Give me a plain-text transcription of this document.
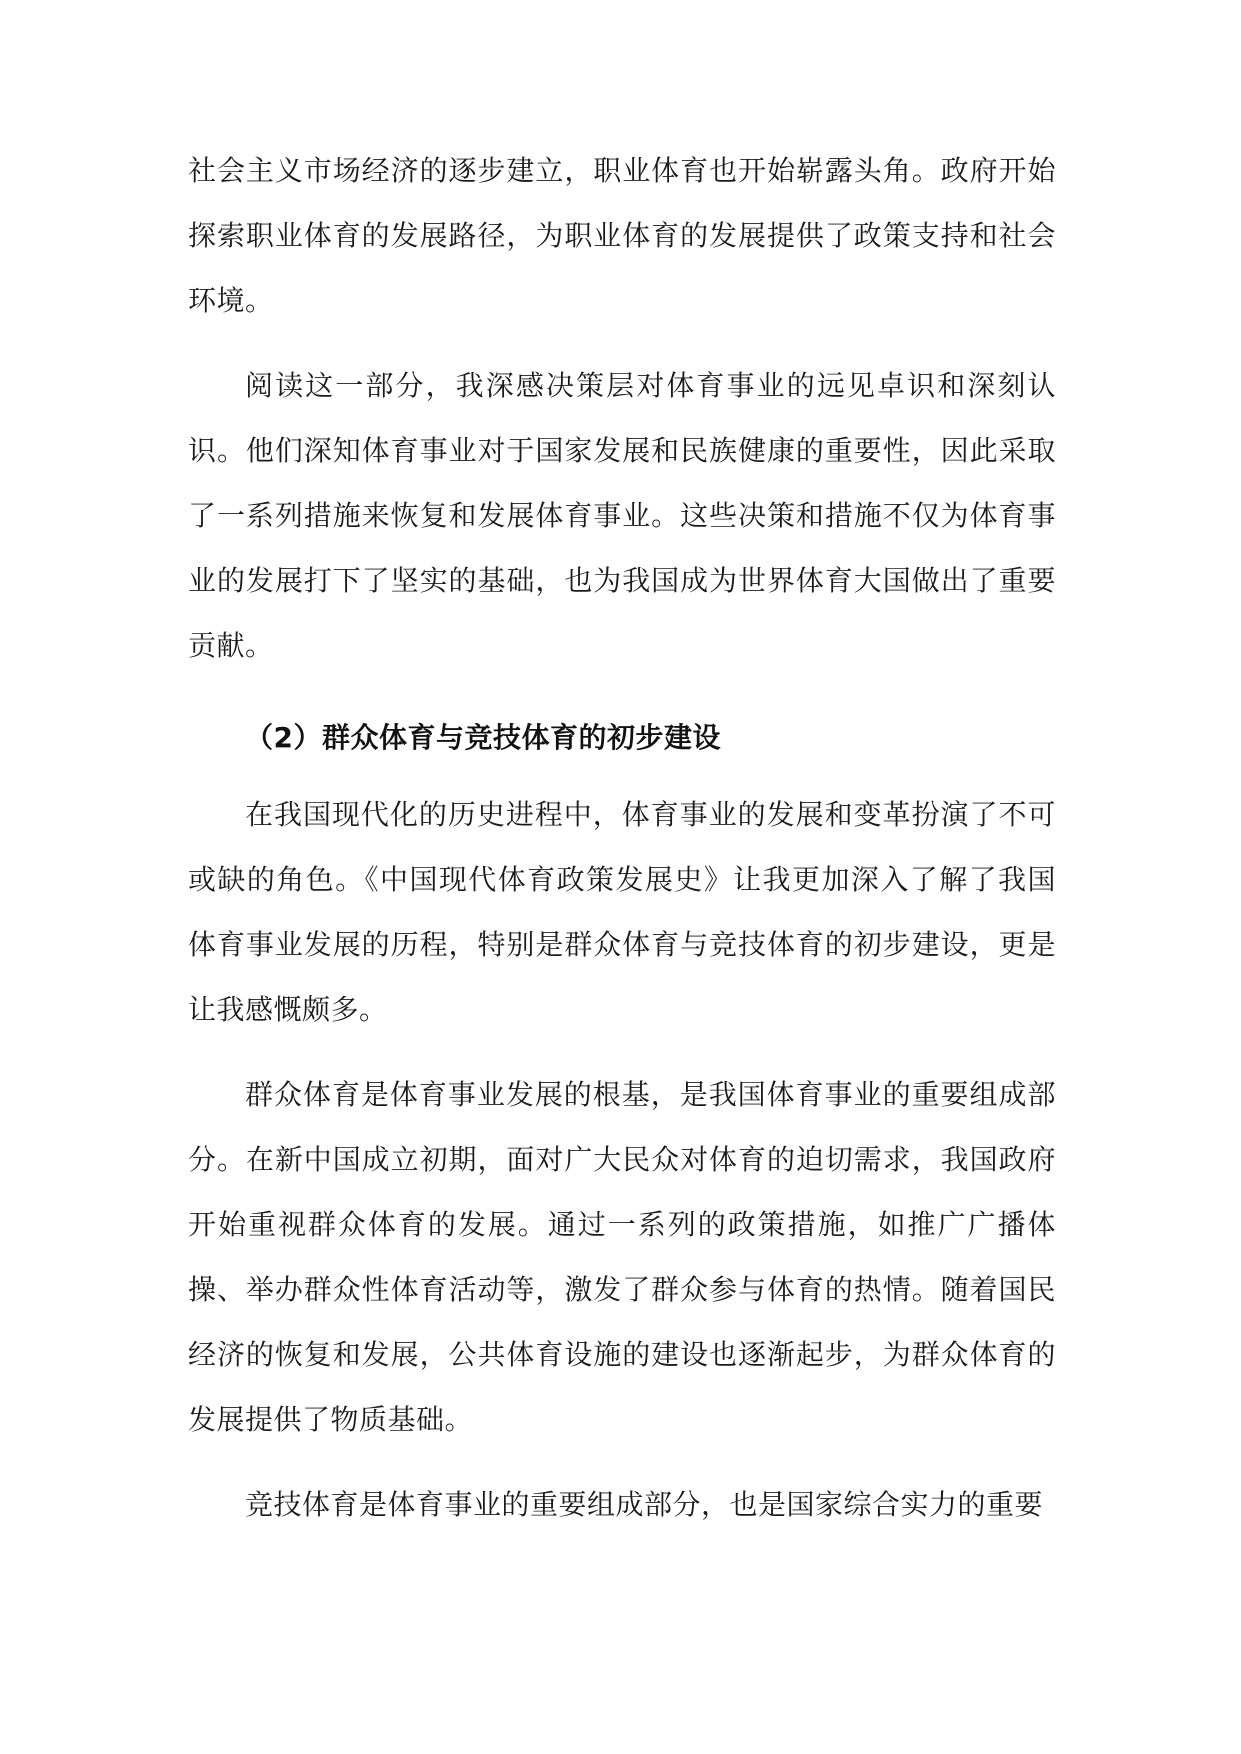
社会主义市场经济的逐步建立，职业体育也开始崭露头角。政府开始探索职业体育的发展路径，为职业体育的发展提供了政策支持和社会环境。

阅读这一部分，我深感决策层对体育事业的远见卓识和深刻认识。他们深知体育事业对于国家发展和民族健康的重要性，因此采取了一系列措施来恢复和发展体育事业。这些决策和措施不仅为体育事业的发展打下了坚实的基础，也为我国成为世界体育大国做出了重要贡献。

（2）群众体育与竞技体育的初步建设

在我国现代化的历史进程中，体育事业的发展和变革扮演了不可或缺的角色。《中国现代体育政策发展史》让我更加深入了解了我国体育事业发展的历程，特别是群众体育与竞技体育的初步建设，更是让我感慨颇多。

群众体育是体育事业发展的根基，是我国体育事业的重要组成部分。在新中国成立初期，面对广大民众对体育的迫切需求，我国政府开始重视群众体育的发展。通过一系列的政策措施，如推广广播体操、举办群众性体育活动等，激发了群众参与体育的热情。随着国民经济的恢复和发展，公共体育设施的建设也逐渐起步，为群众体育的发展提供了物质基础。

竞技体育是体育事业的重要组成部分，也是国家综合实力的重要
